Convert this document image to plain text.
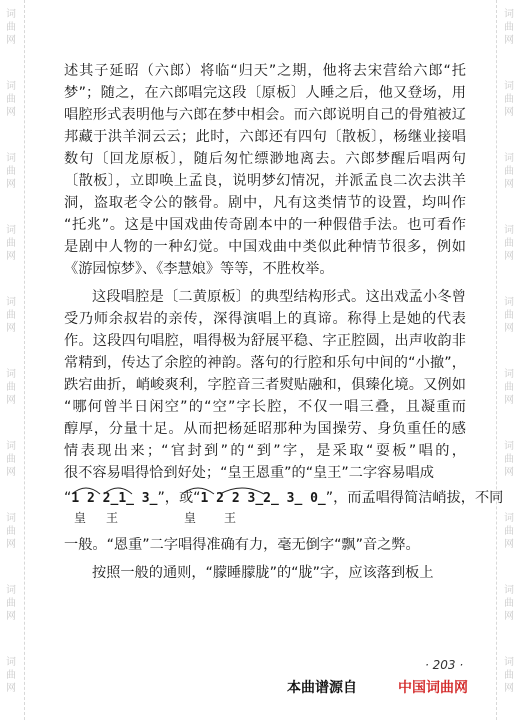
词
曲
网
词
曲
网
词
曲
网
词
曲
网
词
曲
网
词
曲
网
词
曲
网
词
曲
网
词
曲
网
词
曲
网
词
曲
网
词
曲
网
词
曲
网
词
曲
网
词
曲
网
词
曲
网
词
曲
网
词
曲
网
词
曲
网
词
曲
网
述其子延昭（六郎）将临“归天”之期，他将去宋营给六郎“托
梦”；随之，在六郎唱完这段〔原板〕人睡之后，他又登场，用
唱腔形式表明他与六郎在梦中相会。而六郎说明自己的骨殖被辽
邦藏于洪羊洞云云；此时，六郎还有四句〔散板〕，杨继业接唱
数句〔回龙原板〕，随后匆忙缥渺地离去。六郎梦醒后唱两句
〔散板〕，立即唤上孟良，说明梦幻情况，并派孟良二次去洪羊
洞，盗取老令公的骸骨。剧中，凡有这类情节的设置，均叫作
“托兆”。这是中国戏曲传奇剧本中的一种假借手法。也可看作
是剧中人物的一种幻觉。中国戏曲中类似此种情节很多，例如
《游园惊梦》、《李慧娘》等等，不胜枚举。
这段唱腔是〔二黄原板〕的典型结构形式。这出戏孟小冬曾
受乃师余叔岩的亲传，深得演唱上的真谛。称得上是她的代表
作。这段四句唱腔，唱得极为舒展平稳、字正腔圆，出声收韵非
常精到，传达了余腔的神韵。落句的行腔和乐句中间的“小撤”，
跌宕曲折，峭峻爽利，字腔音三者熨贴融和，俱臻化境。又例如
“哪何曾半日闲空”的“空”字长腔，不仅一唱三叠，且凝重而
醇厚，分量十足。从而把杨延昭那种为国操劳、身负重任的感
情表现出来；“官封到”的“到”字，是采取“耍板”唱的，
很不容易唱得恰到好处；“皇王恩重”的“皇王”二字容易唱成
“1 2 2̲1̲ 3̲”，或“1 2 2 3̲2̲ 3̲ 0̲”，而孟唱得简洁峭拔，不同
皇 王	皇 王
一般。“恩重”二字唱得准确有力，毫无倒字“飘”音之弊。
按照一般的通则，“朦睡朦胧”的“胧”字，应该落到板上
· 203 ·
本曲谱源自	中国词曲网
